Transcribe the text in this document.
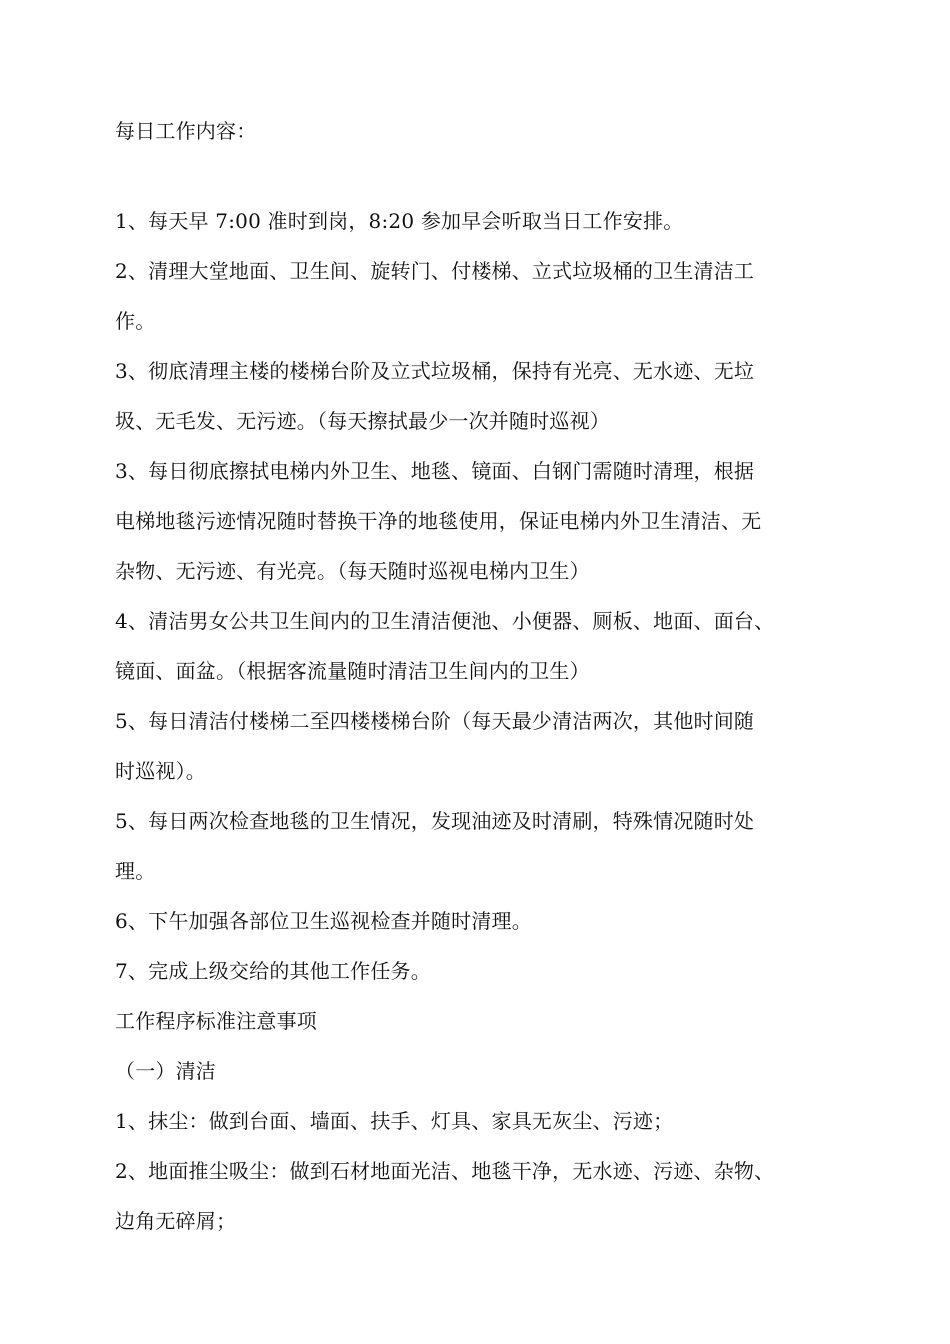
每日工作内容：
1、每天早 7:00 准时到岗，8:20 参加早会听取当日工作安排。
2、清理大堂地面、卫生间、旋转门、付楼梯、立式垃圾桶的卫生清洁工
作。
3、彻底清理主楼的楼梯台阶及立式垃圾桶，保持有光亮、无水迹、无垃
圾、无毛发、无污迹。（每天擦拭最少一次并随时巡视）
3、每日彻底擦拭电梯内外卫生、地毯、镜面、白钢门需随时清理，根据
电梯地毯污迹情况随时替换干净的地毯使用，保证电梯内外卫生清洁、无
杂物、无污迹、有光亮。（每天随时巡视电梯内卫生）
4、清洁男女公共卫生间内的卫生清洁便池、小便器、厕板、地面、面台、
镜面、面盆。（根据客流量随时清洁卫生间内的卫生）
5、每日清洁付楼梯二至四楼楼梯台阶（每天最少清洁两次，其他时间随
时巡视）。
5、每日两次检查地毯的卫生情况，发现油迹及时清刷，特殊情况随时处
理。
6、下午加强各部位卫生巡视检查并随时清理。
7、完成上级交给的其他工作任务。
工作程序标准注意事项
（一）清洁
1、抹尘：做到台面、墙面、扶手、灯具、家具无灰尘、污迹；
2、地面推尘吸尘：做到石材地面光洁、地毯干净，无水迹、污迹、杂物、
边角无碎屑；
